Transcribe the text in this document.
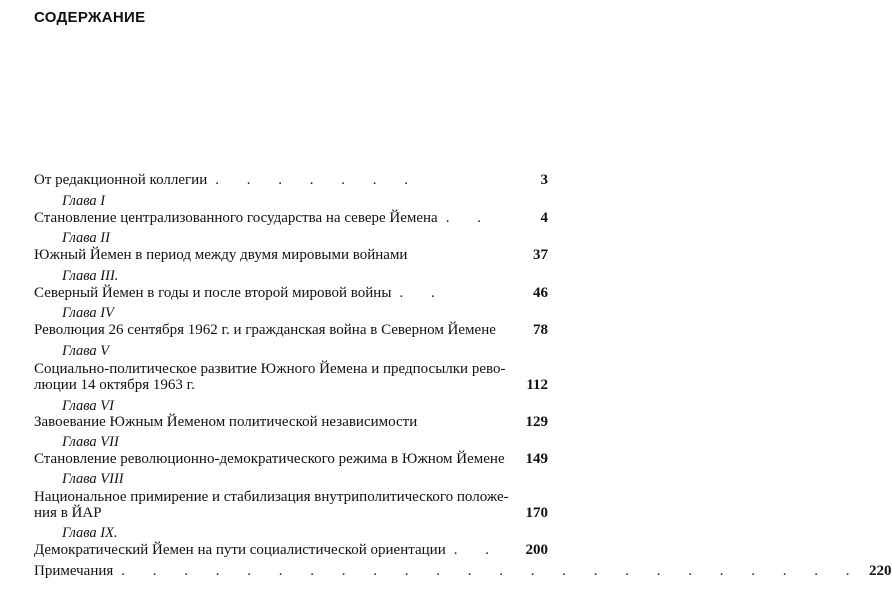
СОДЕРЖАНИЕ
От редакционной коллегии . . . . . . .	3
Глава I
Становление централизованного государства на севере Йемена . .	4
Глава II
Южный Йемен в период между двумя мировыми войнами	37
Глава III.
Северный Йемен в годы и после второй мировой войны . .	46
Глава IV
Революция 26 сентября 1962 г. и гражданская война в Северном Йемене	78
Глава V
Социально-политическое развитие Южного Йемена и предпосылки рево-
люции 14 октября 1963 г.	112
Глава VI
Завоевание Южным Йеменом политической независимости	129
Глава VII
Становление революционно-демократического режима в Южном Йемене	149
Глава VIII
Национальное примирение и стабилизация внутриполитического положе-
ния в ЙАР	170
Глава IX.
Демократический Йемен на пути социалистической ориентации . .	200
Примечания . . . . . . . . . . . . . . . . . . . . . . . . 220
